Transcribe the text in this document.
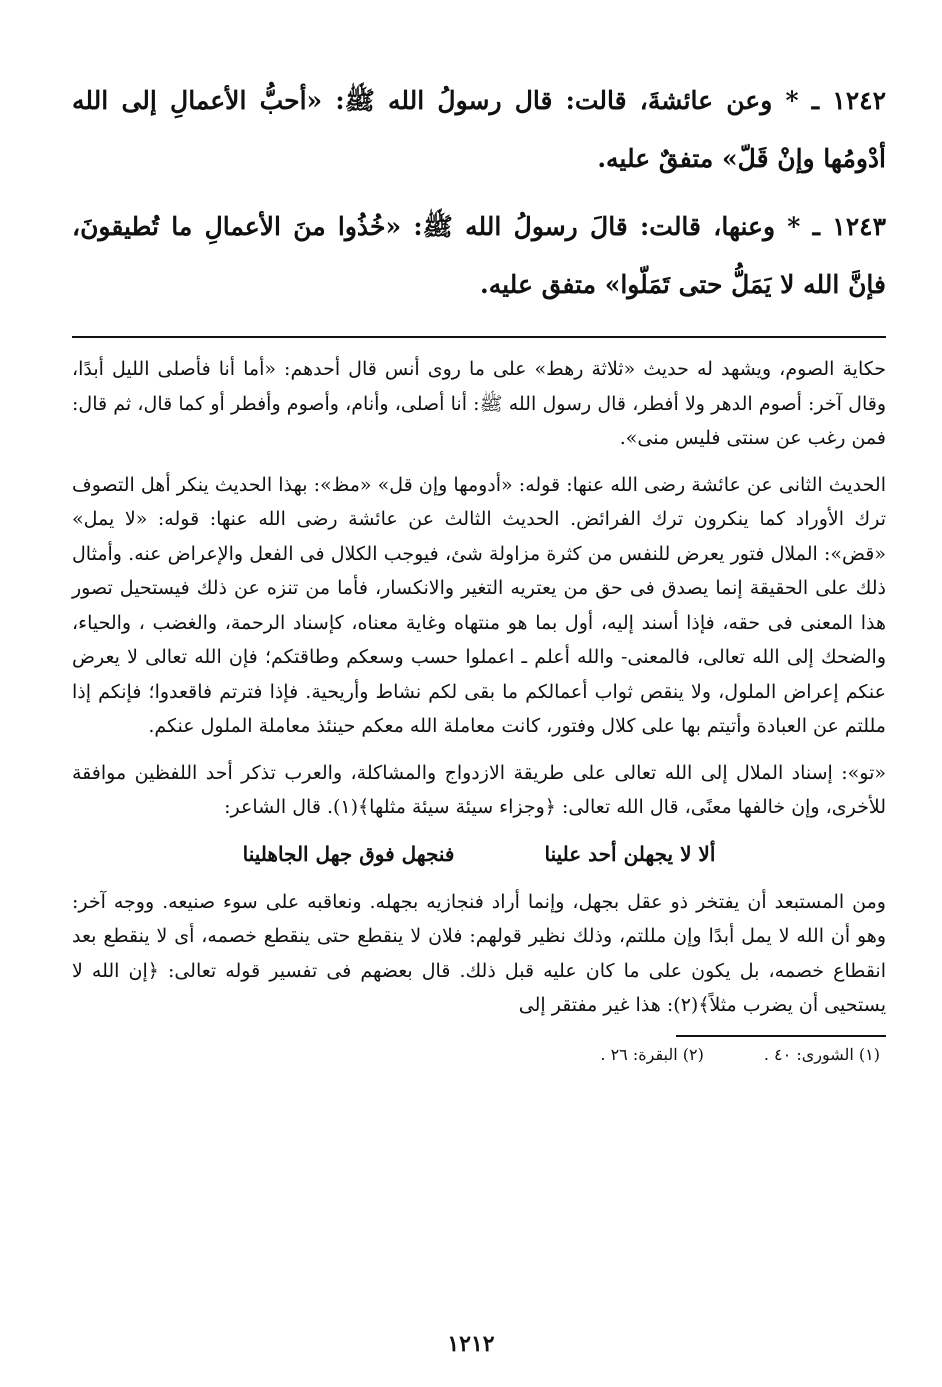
١٢٤٢ ـ * وعن عائشةَ، قالت: قال رسولُ الله ﷺ: «أحبُّ الأعمالِ إلى الله أدْومُها وإنْ قَلّ» متفقٌ عليه.

١٢٤٣ ـ * وعنها، قالت: قالَ رسولُ الله ﷺ: «خُذُوا منَ الأعمالِ ما تُطيقونَ، فإنَّ الله لا يَمَلُّ حتى تَمَلّوا» متفق عليه.

حكاية الصوم، ويشهد له حديث «ثلاثة رهط» على ما روى أنس قال أحدهم: «أما أنا فأصلى الليل أبدًا، وقال آخر: أصوم الدهر ولا أفطر، قال رسول الله ﷺ: أنا أصلى، وأنام، وأصوم وأفطر أو كما قال، ثم قال: فمن رغب عن سنتى فليس منى».

الحديث الثانى عن عائشة رضى الله عنها: قوله: «أدومها وإن قل» «مظ»: بهذا الحديث ينكر أهل التصوف ترك الأوراد كما ينكرون ترك الفرائض. الحديث الثالث عن عائشة رضى الله عنها: قوله: «لا يمل» «قض»: الملال فتور يعرض للنفس من كثرة مزاولة شئ، فيوجب الكلال فى الفعل والإعراض عنه. وأمثال ذلك على الحقيقة إنما يصدق فى حق من يعتريه التغير والانكسار، فأما من تنزه عن ذلك فيستحيل تصور هذا المعنى فى حقه، فإذا أسند إليه، أول بما هو منتهاه وغاية معناه، كإسناد الرحمة، والغضب ، والحياء، والضحك إلى الله تعالى، فالمعنى- والله أعلم ـ اعملوا حسب وسعكم وطاقتكم؛ فإن الله تعالى لا يعرض عنكم إعراض الملول، ولا ينقص ثواب أعمالكم ما بقى لكم نشاط وأريحية. فإذا فترتم فاقعدوا؛ فإنكم إذا مللتم عن العبادة وأتيتم بها على كلال وفتور، كانت معاملة الله معكم حينئذ معاملة الملول عنكم.

«تو»: إسناد الملال إلى الله تعالى على طريقة الازدواج والمشاكلة، والعرب تذكر أحد اللفظين موافقة للأخرى، وإن خالفها معنًى، قال الله تعالى: ﴿وجزاء سيئة سيئة مثلها﴾(١). قال الشاعر:

ألا لا يجهلن أحد علينا
فنجهل فوق جهل الجاهلينا

ومن المستبعد أن يفتخر ذو عقل بجهل، وإنما أراد فنجازيه بجهله. ونعاقبه على سوء صنيعه. ووجه آخر: وهو أن الله لا يمل أبدًا وإن مللتم، وذلك نظير قولهم: فلان لا ينقطع حتى ينقطع خصمه، أى لا ينقطع بعد انقطاع خصمه، بل يكون على ما كان عليه قبل ذلك. قال بعضهم فى تفسير قوله تعالى: ﴿إن الله لا يستحيى أن يضرب مثلاً﴾(٢): هذا غير مفتقر إلى

(١) الشورى: ٤٠ .
(٢) البقرة: ٢٦ .
١٢١٢
